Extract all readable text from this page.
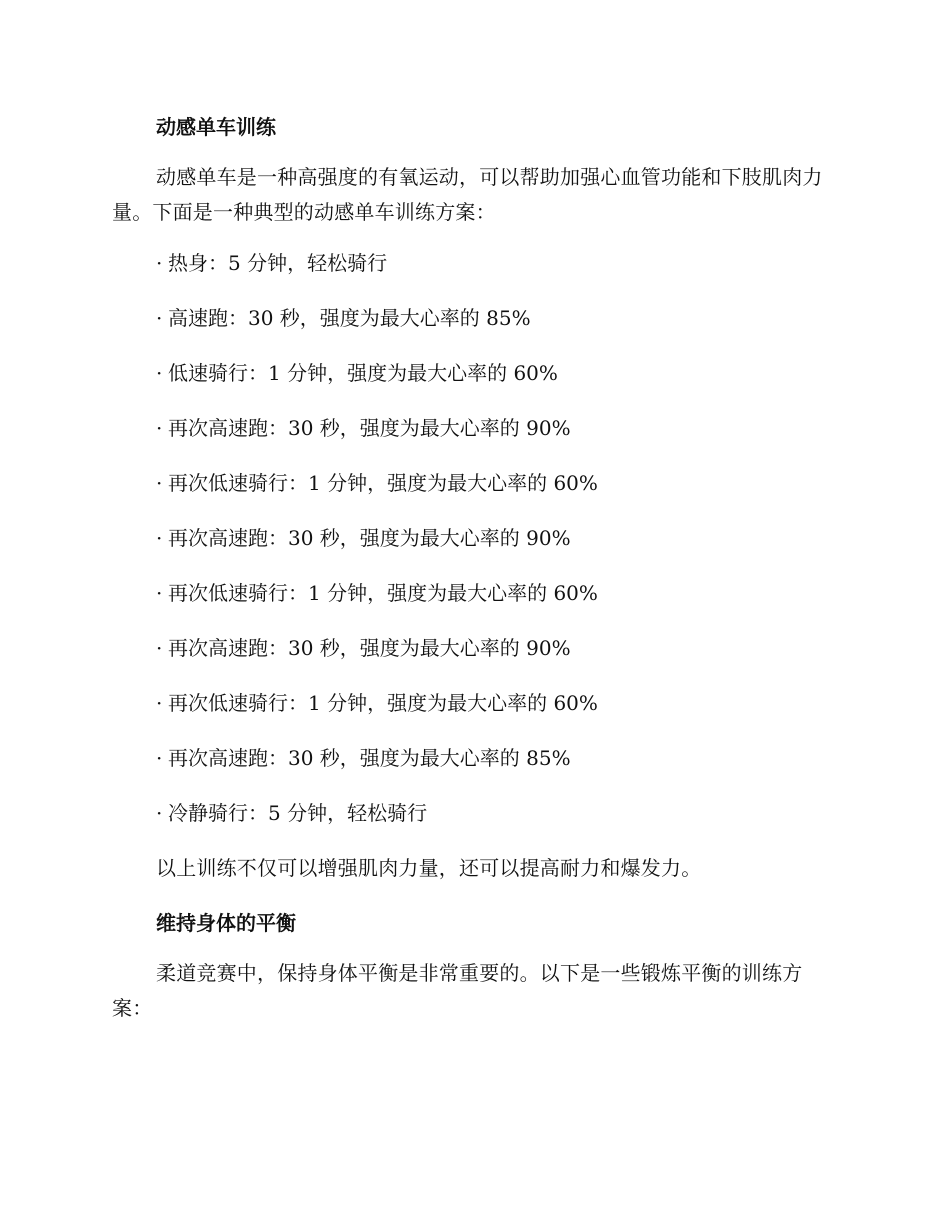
动感单车训练

动感单车是一种高强度的有氧运动，可以帮助加强心血管功能和下肢肌肉力量。下面是一种典型的动感单车训练方案：

· 热身：5 分钟，轻松骑行
· 高速跑：30 秒，强度为最大心率的 85%
· 低速骑行：1 分钟，强度为最大心率的 60%
· 再次高速跑：30 秒，强度为最大心率的 90%
· 再次低速骑行：1 分钟，强度为最大心率的 60%
· 再次高速跑：30 秒，强度为最大心率的 90%
· 再次低速骑行：1 分钟，强度为最大心率的 60%
· 再次高速跑：30 秒，强度为最大心率的 90%
· 再次低速骑行：1 分钟，强度为最大心率的 60%
· 再次高速跑：30 秒，强度为最大心率的 85%
· 冷静骑行：5 分钟，轻松骑行

以上训练不仅可以增强肌肉力量，还可以提高耐力和爆发力。

维持身体的平衡

柔道竞赛中，保持身体平衡是非常重要的。以下是一些锻炼平衡的训练方案：
